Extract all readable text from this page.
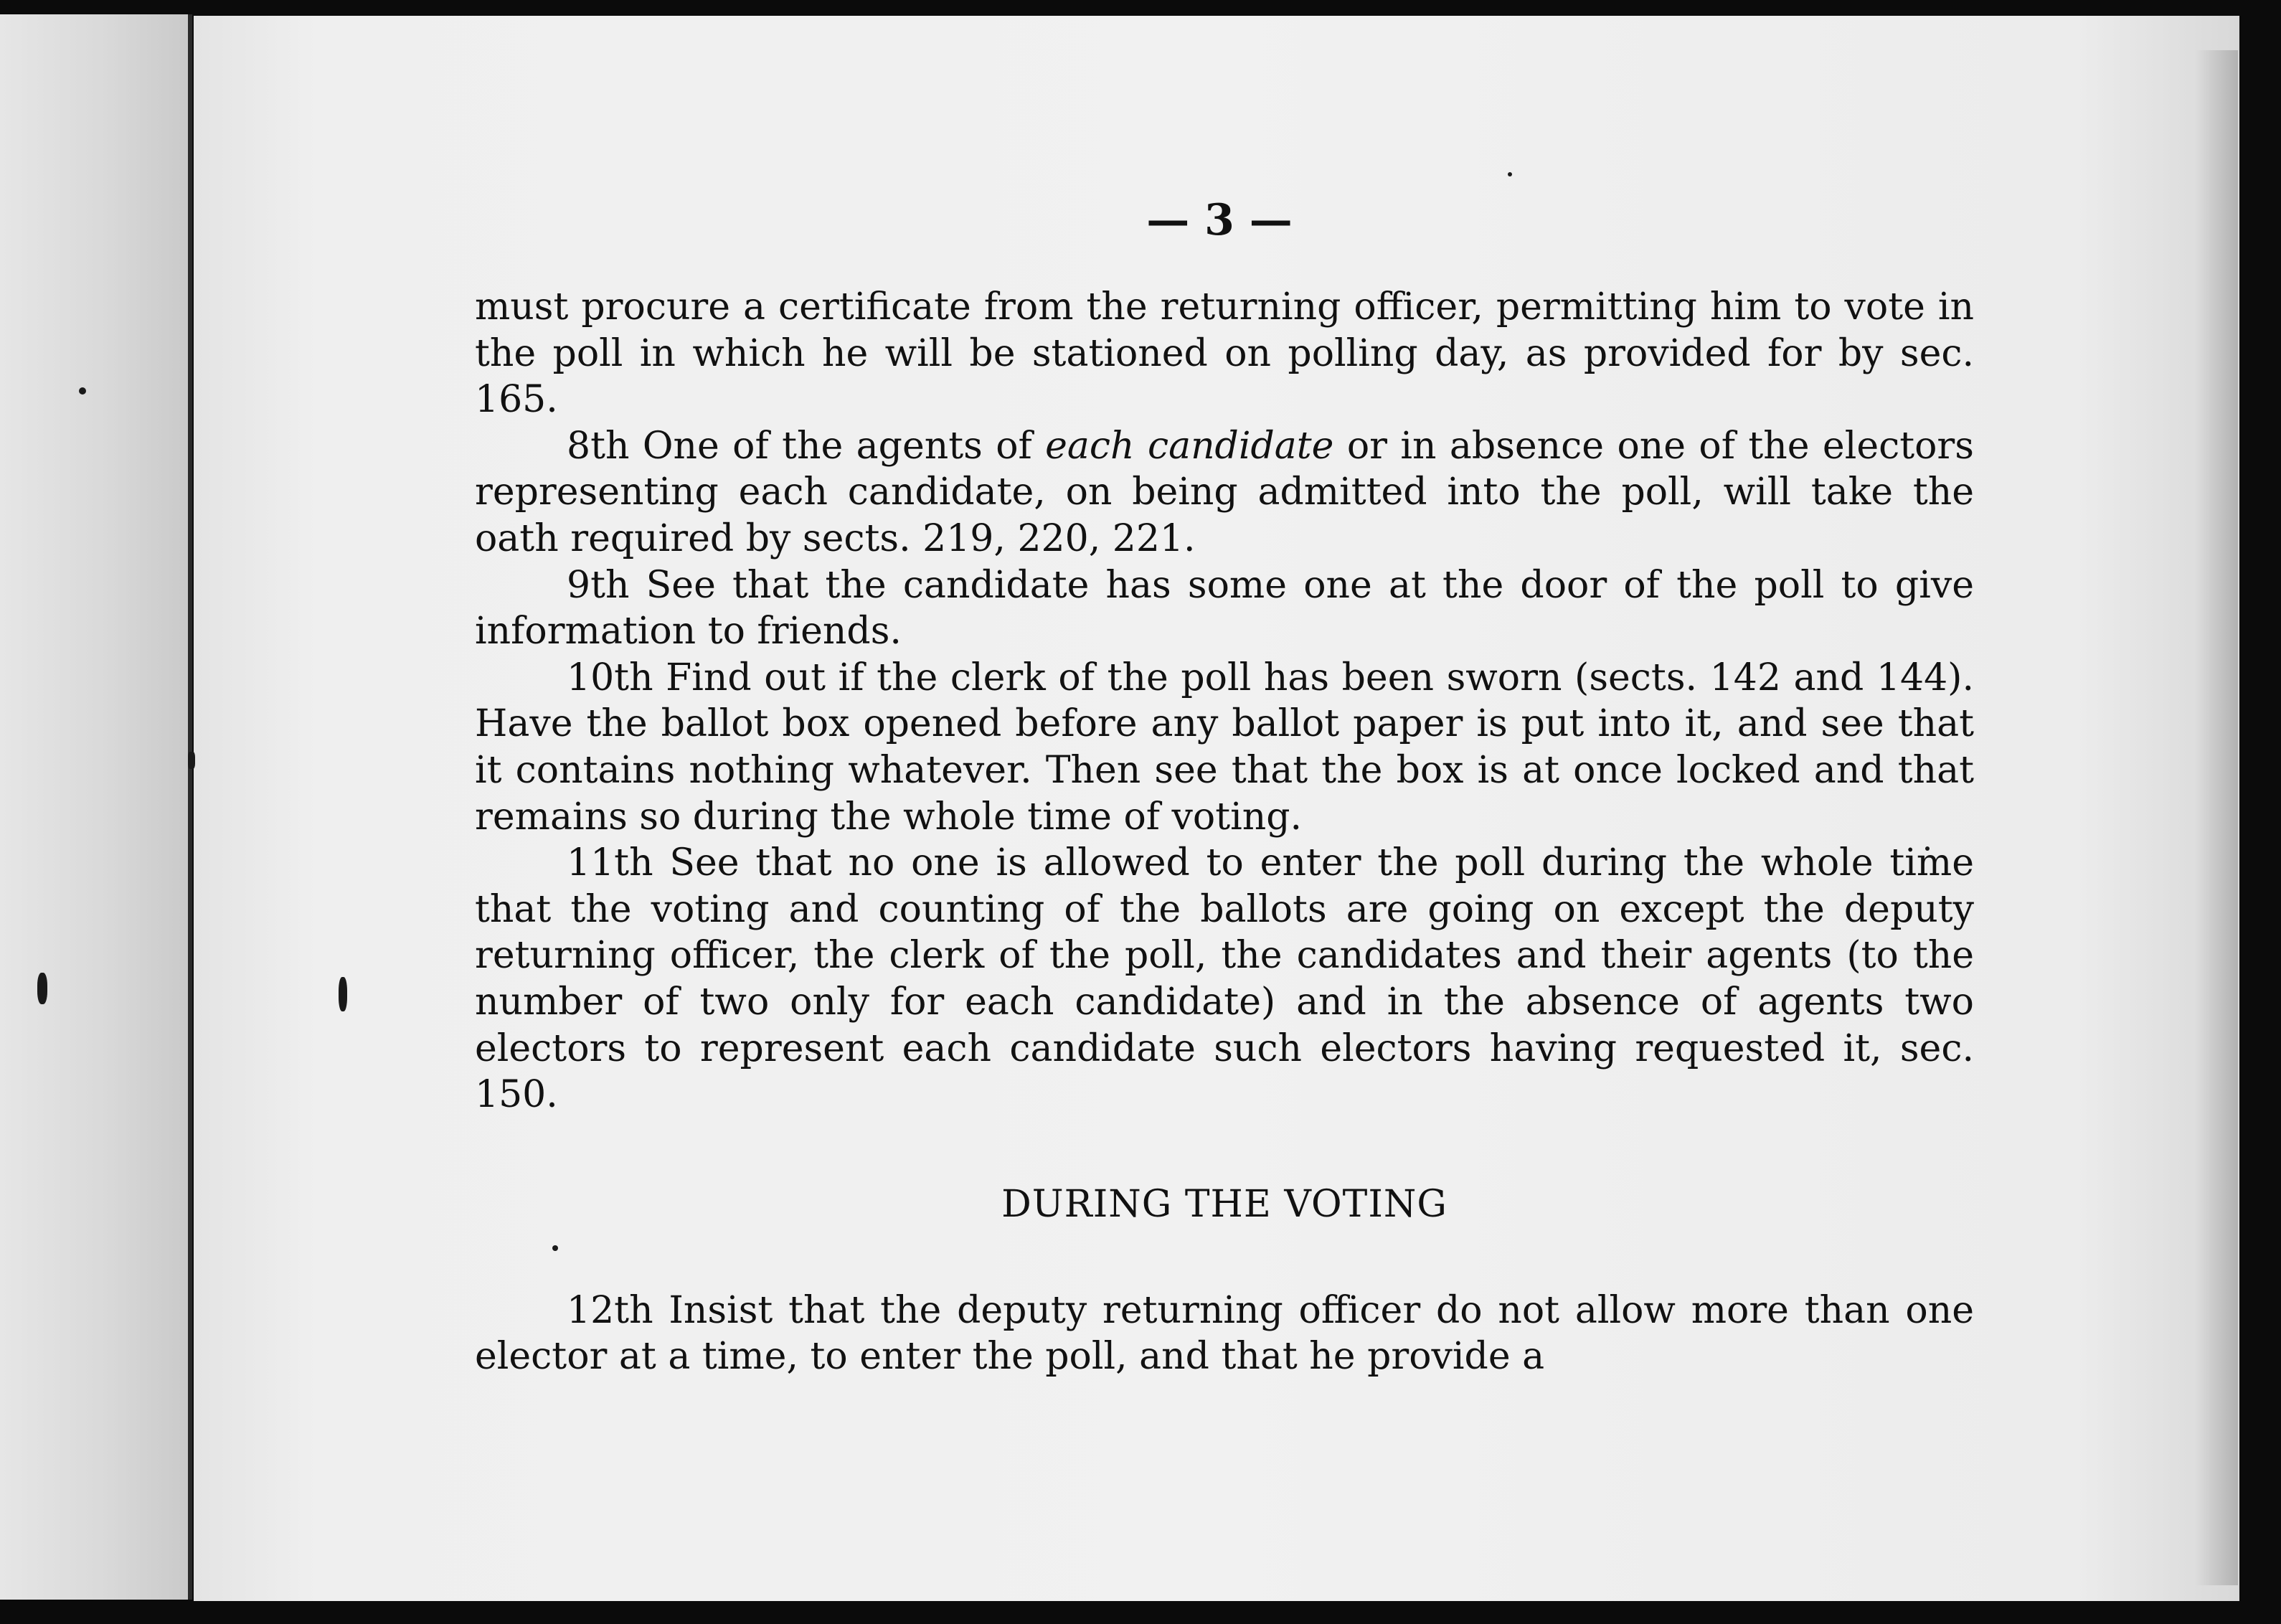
— 3 —

must procure a certificate from the returning officer, permitting him to vote in the poll in which he will be stationed on polling day, as provided for by sec. 165.

8th One of the agents of each candidate or in absence one of the electors representing each candidate, on being admitted into the poll, will take the oath required by sects. 219, 220, 221.

9th See that the candidate has some one at the door of the poll to give information to friends.

10th Find out if the clerk of the poll has been sworn (sects. 142 and 144). Have the ballot box opened before any ballot paper is put into it, and see that it contains nothing whatever. Then see that the box is at once locked and that remains so during the whole time of voting.

11th See that no one is allowed to enter the poll during the whole time that the voting and counting of the ballots are going on except the deputy returning officer, the clerk of the poll, the candidates and their agents (to the number of two only for each candidate) and in the absence of agents two electors to represent each candidate such electors having requested it, sec. 150.

DURING THE VOTING

12th Insist that the deputy returning officer do not allow more than one elector at a time, to enter the poll, and that he provide a
